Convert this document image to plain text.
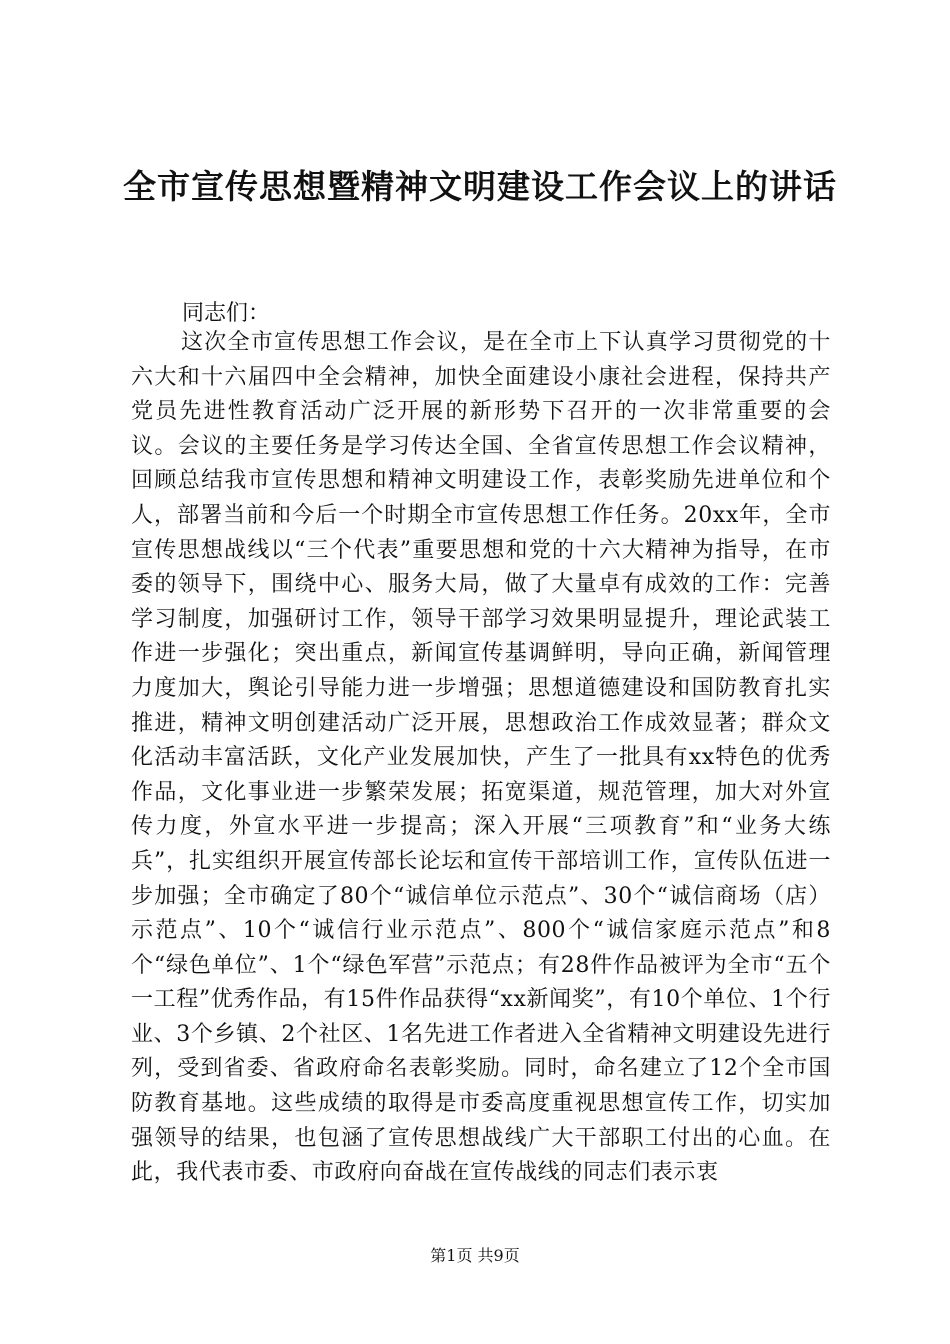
全市宣传思想暨精神文明建设工作会议上的讲话

同志们：

这次全市宣传思想工作会议，是在全市上下认真学习贯彻党的十六大和十六届四中全会精神，加快全面建设小康社会进程，保持共产党员先进性教育活动广泛开展的新形势下召开的一次非常重要的会议。会议的主要任务是学习传达全国、全省宣传思想工作会议精神，回顾总结我市宣传思想和精神文明建设工作，表彰奖励先进单位和个人，部署当前和今后一个时期全市宣传思想工作任务。20xx年，全市宣传思想战线以“三个代表”重要思想和党的十六大精神为指导，在市委的领导下，围绕中心、服务大局，做了大量卓有成效的工作：完善学习制度，加强研讨工作，领导干部学习效果明显提升，理论武装工作进一步强化；突出重点，新闻宣传基调鲜明，导向正确，新闻管理力度加大，舆论引导能力进一步增强；思想道德建设和国防教育扎实推进，精神文明创建活动广泛开展，思想政治工作成效显著；群众文化活动丰富活跃，文化产业发展加快，产生了一批具有xx特色的优秀作品，文化事业进一步繁荣发展；拓宽渠道，规范管理，加大对外宣传力度，外宣水平进一步提高；深入开展“三项教育”和“业务大练兵”，扎实组织开展宣传部长论坛和宣传干部培训工作，宣传队伍进一步加强；全市确定了80个“诚信单位示范点”、30个“诚信商场（店）示范点”、10个“诚信行业示范点”、800个“诚信家庭示范点”和8个“绿色单位”、1个“绿色军营”示范点；有28件作品被评为全市“五个一工程”优秀作品，有15件作品获得“xx新闻奖”，有10个单位、1个行业、3个乡镇、2个社区、1名先进工作者进入全省精神文明建设先进行列，受到省委、省政府命名表彰奖励。同时，命名建立了12个全市国防教育基地。这些成绩的取得是市委高度重视思想宣传工作，切实加强领导的结果，也包涵了宣传思想战线广大干部职工付出的心血。在此，我代表市委、市政府向奋战在宣传战线的同志们表示衷

第1页 共9页
